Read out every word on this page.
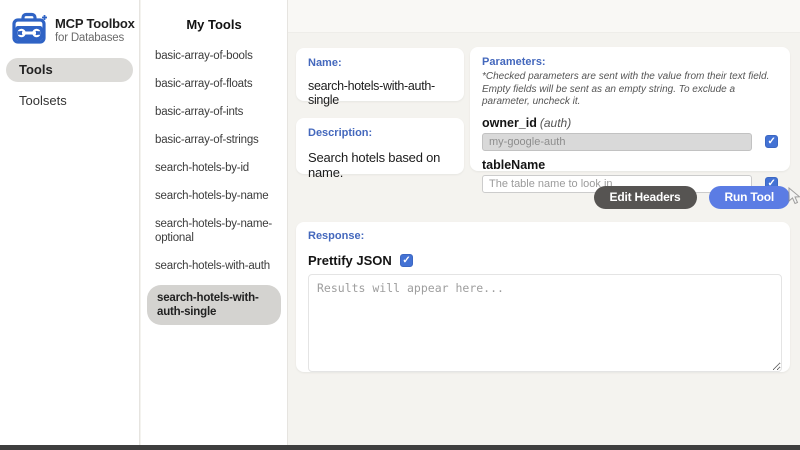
MCP Toolbox
for Databases
Tools
Toolsets
My Tools
basic-array-of-bools
basic-array-of-floats
basic-array-of-ints
basic-array-of-strings
search-hotels-by-id
search-hotels-by-name
search-hotels-by-name-optional
search-hotels-with-auth
search-hotels-with-auth-single
Name:
search-hotels-with-auth-single
Description:
Search hotels based on name.
Parameters:
*Checked parameters are sent with the value from their text field. Empty fields will be sent as an empty string. To exclude a parameter, uncheck it.
owner_id (auth)
my-google-auth
✓
tableName
The table name to look in
✓
Edit Headers	Run Tool
Response:
Prettify JSON
✓
Results will appear here...
